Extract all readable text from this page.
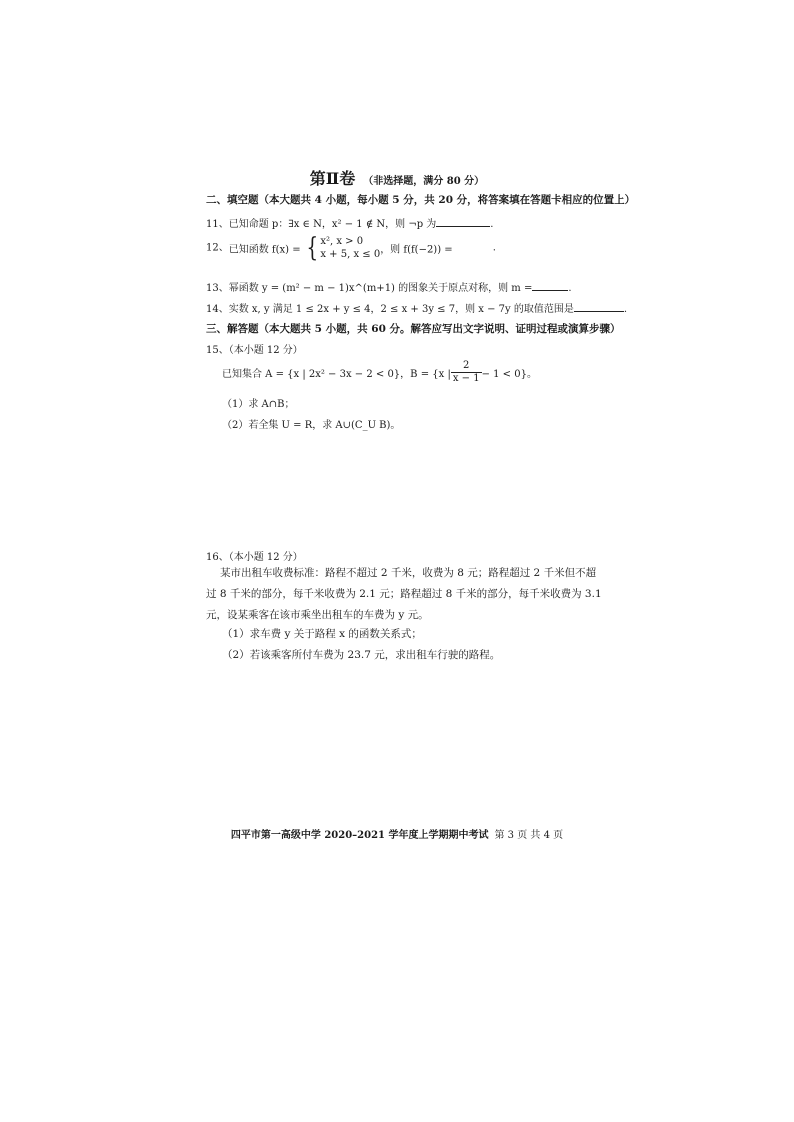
第Ⅱ卷 （非选择题，满分 80 分）
二、填空题（本大题共 4 小题，每小题 5 分，共 20 分，将答案填在答题卡相应的位置上）
11、已知命题 p：∃x ∈ N，x² − 1 ∉ N，则 ¬p 为	.
12、已知函数 f(x) = { x², x > 0
x + 5, x ≤ 0 ，则 f(f(−2)) =	.
13、幂函数 y = (m² − m − 1)x^(m+1) 的图象关于原点对称，则 m =	.
14、实数 x, y 满足 1 ≤ 2x + y ≤ 4，2 ≤ x + 3y ≤ 7，则 x − 7y 的取值范围是	.
三、解答题（本大题共 5 小题，共 60 分。解答应写出文字说明、证明过程或演算步骤）
15、（本小题 12 分）
已知集合 A = {x | 2x² − 3x − 2 < 0}，B = {x | $\frac{2}{x - 1} - 1 < 0$}。
（1）求 A∩B；
（2）若全集 U = R，求 A∪(C_U B)。
16、（本小题 12 分）
某市出租车收费标准：路程不超过 2 千米，收费为 8 元；路程超过 2 千米但不超过 8 千米的部分，每千米收费为 2.1 元；路程超过 8 千米的部分，每千米收费为 3.1 元，设某乘客在该市乘坐出租车的车费为 y 元。
（1）求车费 y 关于路程 x 的函数关系式；
（2）若该乘客所付车费为 23.7 元，求出租车行驶的路程。
四平市第一高级中学 2020–2021 学年度上学期期中考试 第 3 页 共 4 页
